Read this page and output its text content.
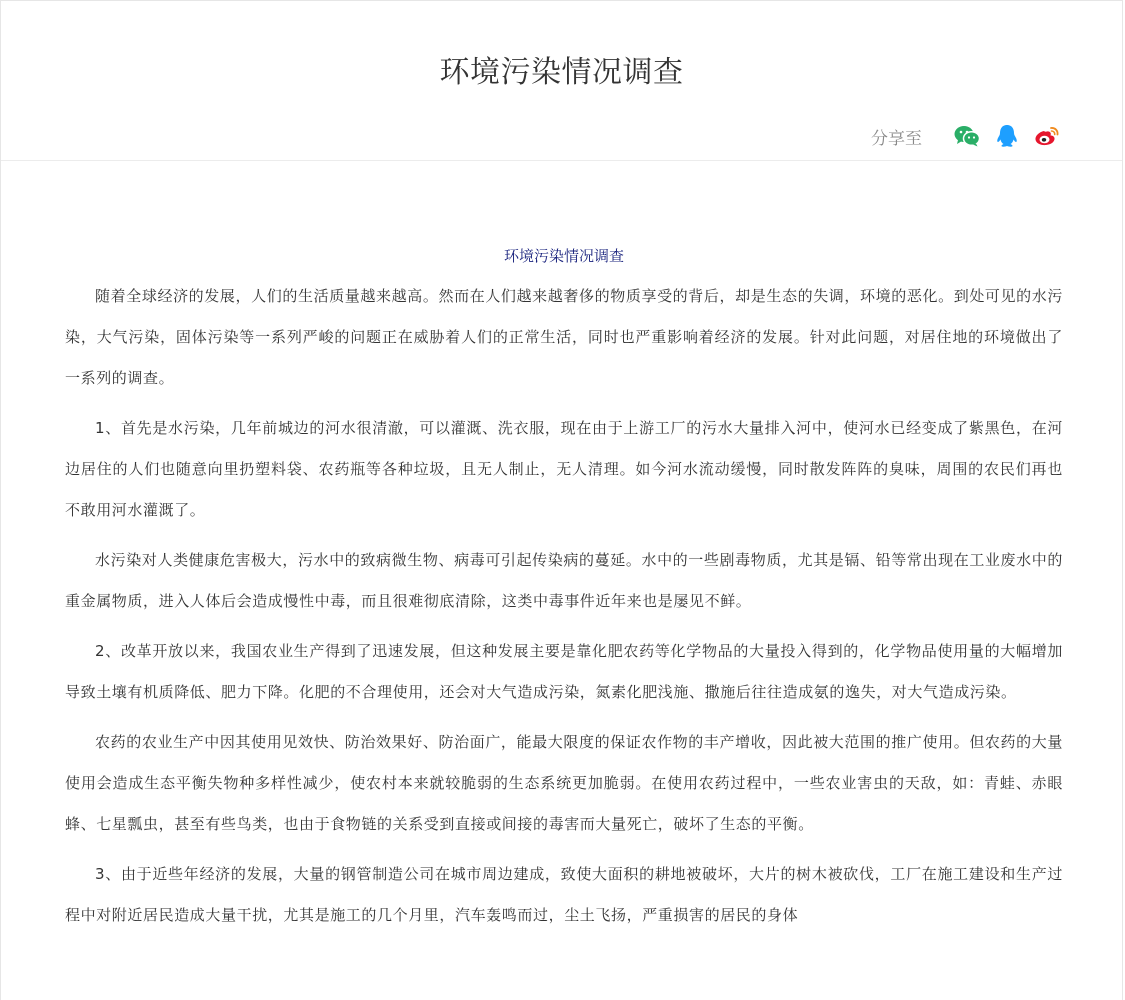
环境污染情况调查
分享至
环境污染情况调查

随着全球经济的发展，人们的生活质量越来越高。然而在人们越来越奢侈的物质享受的背后，却是生态的失调，环境的恶化。到处可见的水污染，大气污染，固体污染等一系列严峻的问题正在威胁着人们的正常生活，同时也严重影响着经济的发展。针对此问题，对居住地的环境做出了一系列的调查。

1、首先是水污染，几年前城边的河水很清澈，可以灌溉、洗衣服，现在由于上游工厂的污水大量排入河中，使河水已经变成了紫黑色，在河边居住的人们也随意向里扔塑料袋、农药瓶等各种垃圾，且无人制止，无人清理。如今河水流动缓慢，同时散发阵阵的臭味，周围的农民们再也不敢用河水灌溉了。

水污染对人类健康危害极大，污水中的致病微生物、病毒可引起传染病的蔓延。水中的一些剧毒物质，尤其是镉、铅等常出现在工业废水中的重金属物质，进入人体后会造成慢性中毒，而且很难彻底清除，这类中毒事件近年来也是屡见不鲜。

2、改革开放以来，我国农业生产得到了迅速发展，但这种发展主要是靠化肥农药等化学物品的大量投入得到的，化学物品使用量的大幅增加导致土壤有机质降低、肥力下降。化肥的不合理使用，还会对大气造成污染，氮素化肥浅施、撒施后往往造成氨的逸失，对大气造成污染。

农药的农业生产中因其使用见效快、防治效果好、防治面广，能最大限度的保证农作物的丰产增收，因此被大范围的推广使用。但农药的大量使用会造成生态平衡失物种多样性减少，使农村本来就较脆弱的生态系统更加脆弱。在使用农药过程中，一些农业害虫的天敌，如：青蛙、赤眼蜂、七星瓢虫，甚至有些鸟类，也由于食物链的关系受到直接或间接的毒害而大量死亡，破坏了生态的平衡。

3、由于近些年经济的发展，大量的钢管制造公司在城市周边建成，致使大面积的耕地被破坏，大片的树木被砍伐，工厂在施工建设和生产过程中对附近居民造成大量干扰，尤其是施工的几个月里，汽车轰鸣而过，尘土飞扬，严重损害的居民的身体
